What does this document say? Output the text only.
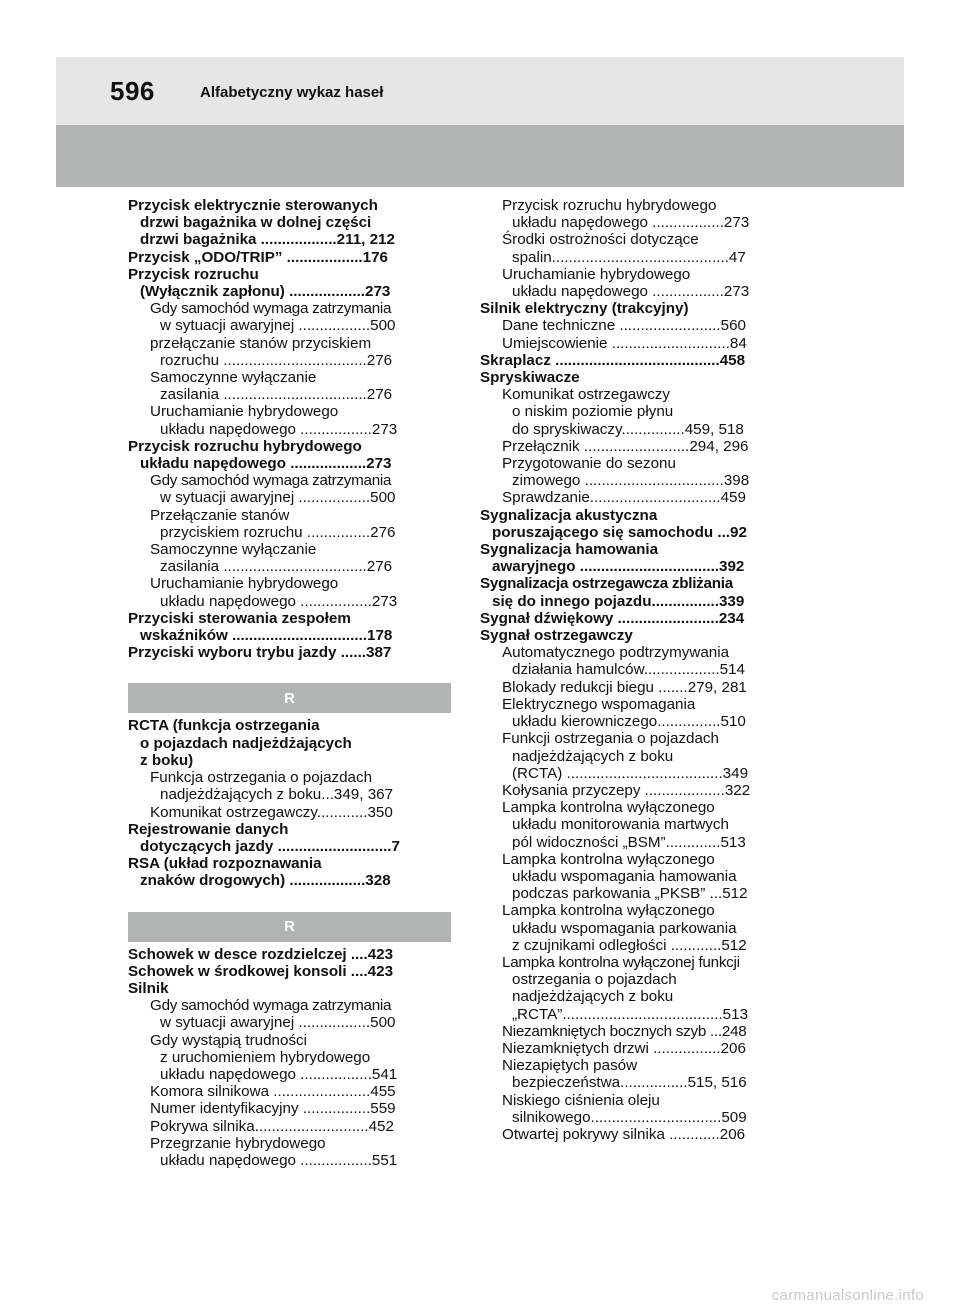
596	Alfabetyczny wykaz haseł
Przycisk elektrycznie sterowanych
drzwi bagażnika w dolnej części
drzwi bagażnika ..................211, 212
Przycisk „ODO/TRIP” ..................176
Przycisk rozruchu
(Wyłącznik zapłonu) ..................273
Gdy samochód wymaga zatrzymania
w sytuacji awaryjnej .................500
przełączanie stanów przyciskiem
rozruchu ..................................276
Samoczynne wyłączanie
zasilania ..................................276
Uruchamianie hybrydowego
układu napędowego .................273
Przycisk rozruchu hybrydowego
układu napędowego ..................273
Gdy samochód wymaga zatrzymania
w sytuacji awaryjnej .................500
Przełączanie stanów
przyciskiem rozruchu ...............276
Samoczynne wyłączanie
zasilania ..................................276
Uruchamianie hybrydowego
układu napędowego .................273
Przyciski sterowania zespołem
wskaźników ................................178
Przyciski wyboru trybu jazdy ......387
R
RCTA (funkcja ostrzegania
o pojazdach nadjeżdżających
z boku)
Funkcja ostrzegania o pojazdach
nadjeżdżających z boku...349, 367
Komunikat ostrzegawczy............350
Rejestrowanie danych
dotyczących jazdy ...........................7
RSA (układ rozpoznawania
znaków drogowych) ..................328
R
Schowek w desce rozdzielczej ....423
Schowek w środkowej konsoli ....423
Silnik
Gdy samochód wymaga zatrzymania
w sytuacji awaryjnej .................500
Gdy wystąpią trudności
z uruchomieniem hybrydowego
układu napędowego .................541
Komora silnikowa .......................455
Numer identyfikacyjny ................559
Pokrywa silnika...........................452
Przegrzanie hybrydowego
układu napędowego .................551
Przycisk rozruchu hybrydowego
układu napędowego .................273
Środki ostrożności dotyczące
spalin..........................................47
Uruchamianie hybrydowego
układu napędowego .................273
Silnik elektryczny (trakcyjny)
Dane techniczne ........................560
Umiejscowienie ............................84
Skraplacz .......................................458
Spryskiwacze
Komunikat ostrzegawczy
o niskim poziomie płynu
do spryskiwaczy...............459, 518
Przełącznik .........................294, 296
Przygotowanie do sezonu
zimowego .................................398
Sprawdzanie...............................459
Sygnalizacja akustyczna
poruszającego się samochodu ...92
Sygnalizacja hamowania
awaryjnego .................................392
Sygnalizacja ostrzegawcza zbliżania
się do innego pojazdu................339
Sygnał dźwiękowy ........................234
Sygnał ostrzegawczy
Automatycznego podtrzymywania
działania hamulców..................514
Blokady redukcji biegu .......279, 281
Elektrycznego wspomagania
układu kierowniczego...............510
Funkcji ostrzegania o pojazdach
nadjeżdżających z boku
(RCTA) .....................................349
Kołysania przyczepy ...................322
Lampka kontrolna wyłączonego
układu monitorowania martwych
pól widoczności „BSM”.............513
Lampka kontrolna wyłączonego
układu wspomagania hamowania
podczas parkowania „PKSB” ...512
Lampka kontrolna wyłączonego
układu wspomagania parkowania
z czujnikami odległości ............512
Lampka kontrolna wyłączonej funkcji
ostrzegania o pojazdach
nadjeżdżających z boku
„RCTA”......................................513
Niezamkniętych bocznych szyb ...248
Niezamkniętych drzwi ................206
Niezapiętych pasów
bezpieczeństwa................515, 516
Niskiego ciśnienia oleju
silnikowego...............................509
Otwartej pokrywy silnika ............206
carmanualsonline.info
